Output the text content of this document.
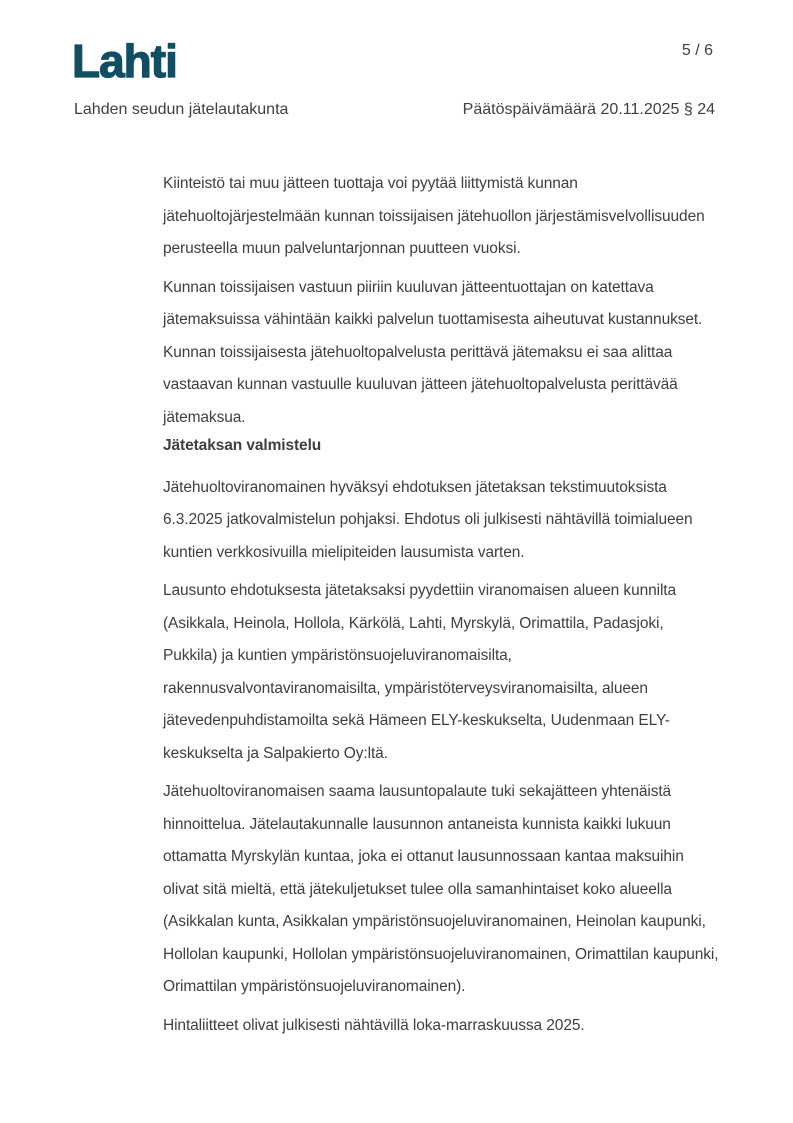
Lahti	5 / 6
Lahden seudun jätelautakunta	Päätöspäivämäärä 20.11.2025 § 24

Kiinteistö tai muu jätteen tuottaja voi pyytää liittymistä kunnan jätehuoltojärjestelmään kunnan toissijaisen jätehuollon järjestämisvelvollisuuden perusteella muun palveluntarjonnan puutteen vuoksi.

Kunnan toissijaisen vastuun piiriin kuuluvan jätteentuottajan on katettava jätemaksuissa vähintään kaikki palvelun tuottamisesta aiheutuvat kustannukset. Kunnan toissijaisesta jätehuoltopalvelusta perittävä jätemaksu ei saa alittaa vastaavan kunnan vastuulle kuuluvan jätteen jätehuoltopalvelusta perittävää jätemaksua.

Jätetaksan valmistelu

Jätehuoltoviranomainen hyväksyi ehdotuksen jätetaksan tekstimuutoksista 6.3.2025 jatkovalmistelun pohjaksi. Ehdotus oli julkisesti nähtävillä toimialueen kuntien verkkosivuilla mielipiteiden lausumista varten.

Lausunto ehdotuksesta jätetaksaksi pyydettiin viranomaisen alueen kunnilta (Asikkala, Heinola, Hollola, Kärkölä, Lahti, Myrskylä, Orimattila, Padasjoki, Pukkila) ja kuntien ympäristönsuojeluviranomaisilta, rakennusvalvontaviranomaisilta, ympäristöterveysviranomaisilta, alueen jätevedenpuhdistamoilta sekä Hämeen ELY-keskukselta, Uudenmaan ELY-keskukselta ja Salpakierto Oy:ltä.

Jätehuoltoviranomaisen saama lausuntopalaute tuki sekajätteen yhtenäistä hinnoittelua. Jätelautakunnalle lausunnon antaneista kunnista kaikki lukuun ottamatta Myrskylän kuntaa, joka ei ottanut lausunnossaan kantaa maksuihin olivat sitä mieltä, että jätekuljetukset tulee olla samanhintaiset koko alueella (Asikkalan kunta, Asikkalan ympäristönsuojeluviranomainen, Heinolan kaupunki, Hollolan kaupunki, Hollolan ympäristönsuojeluviranomainen, Orimattilan kaupunki, Orimattilan ympäristönsuojeluviranomainen).

Hintaliitteet olivat julkisesti nähtävillä loka-marraskuussa 2025.
